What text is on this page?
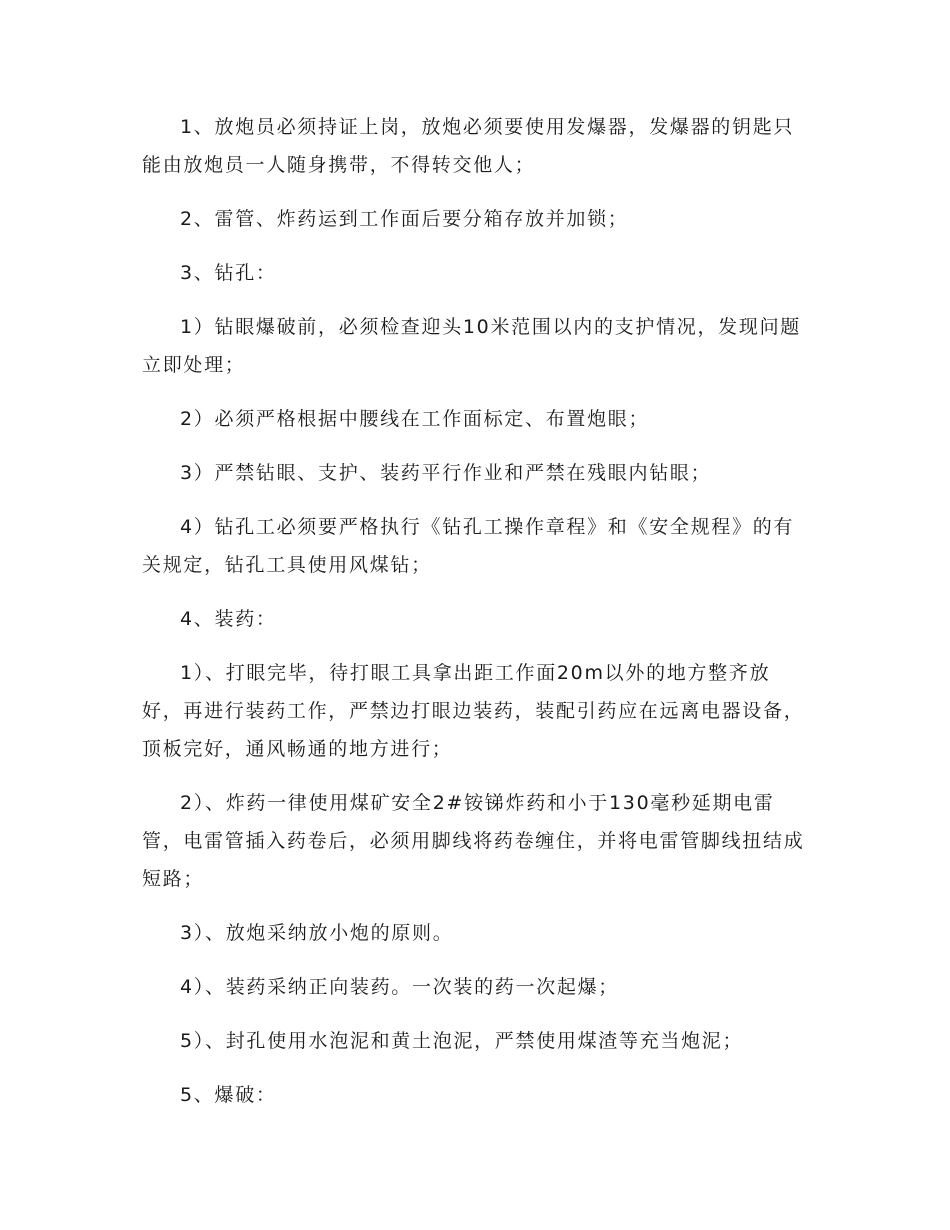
1、放炮员必须持证上岗，放炮必须要使用发爆器，发爆器的钥匙只能由放炮员一人随身携带，不得转交他人；

2、雷管、炸药运到工作面后要分箱存放并加锁；

3、钻孔：

1）钻眼爆破前，必须检查迎头10米范围以内的支护情况，发现问题立即处理；

2）必须严格根据中腰线在工作面标定、布置炮眼；

3）严禁钻眼、支护、装药平行作业和严禁在残眼内钻眼；

4）钻孔工必须要严格执行《钻孔工操作章程》和《安全规程》的有关规定，钻孔工具使用风煤钻；

4、装药：

1）、打眼完毕，待打眼工具拿出距工作面20m以外的地方整齐放好，再进行装药工作，严禁边打眼边装药，装配引药应在远离电器设备，顶板完好，通风畅通的地方进行；

2）、炸药一律使用煤矿安全2#铵锑炸药和小于130毫秒延期电雷管，电雷管插入药卷后，必须用脚线将药卷缠住，并将电雷管脚线扭结成短路；

3）、放炮采纳放小炮的原则。

4）、装药采纳正向装药。一次装的药一次起爆；

5）、封孔使用水泡泥和黄土泡泥，严禁使用煤渣等充当炮泥；

5、爆破：
